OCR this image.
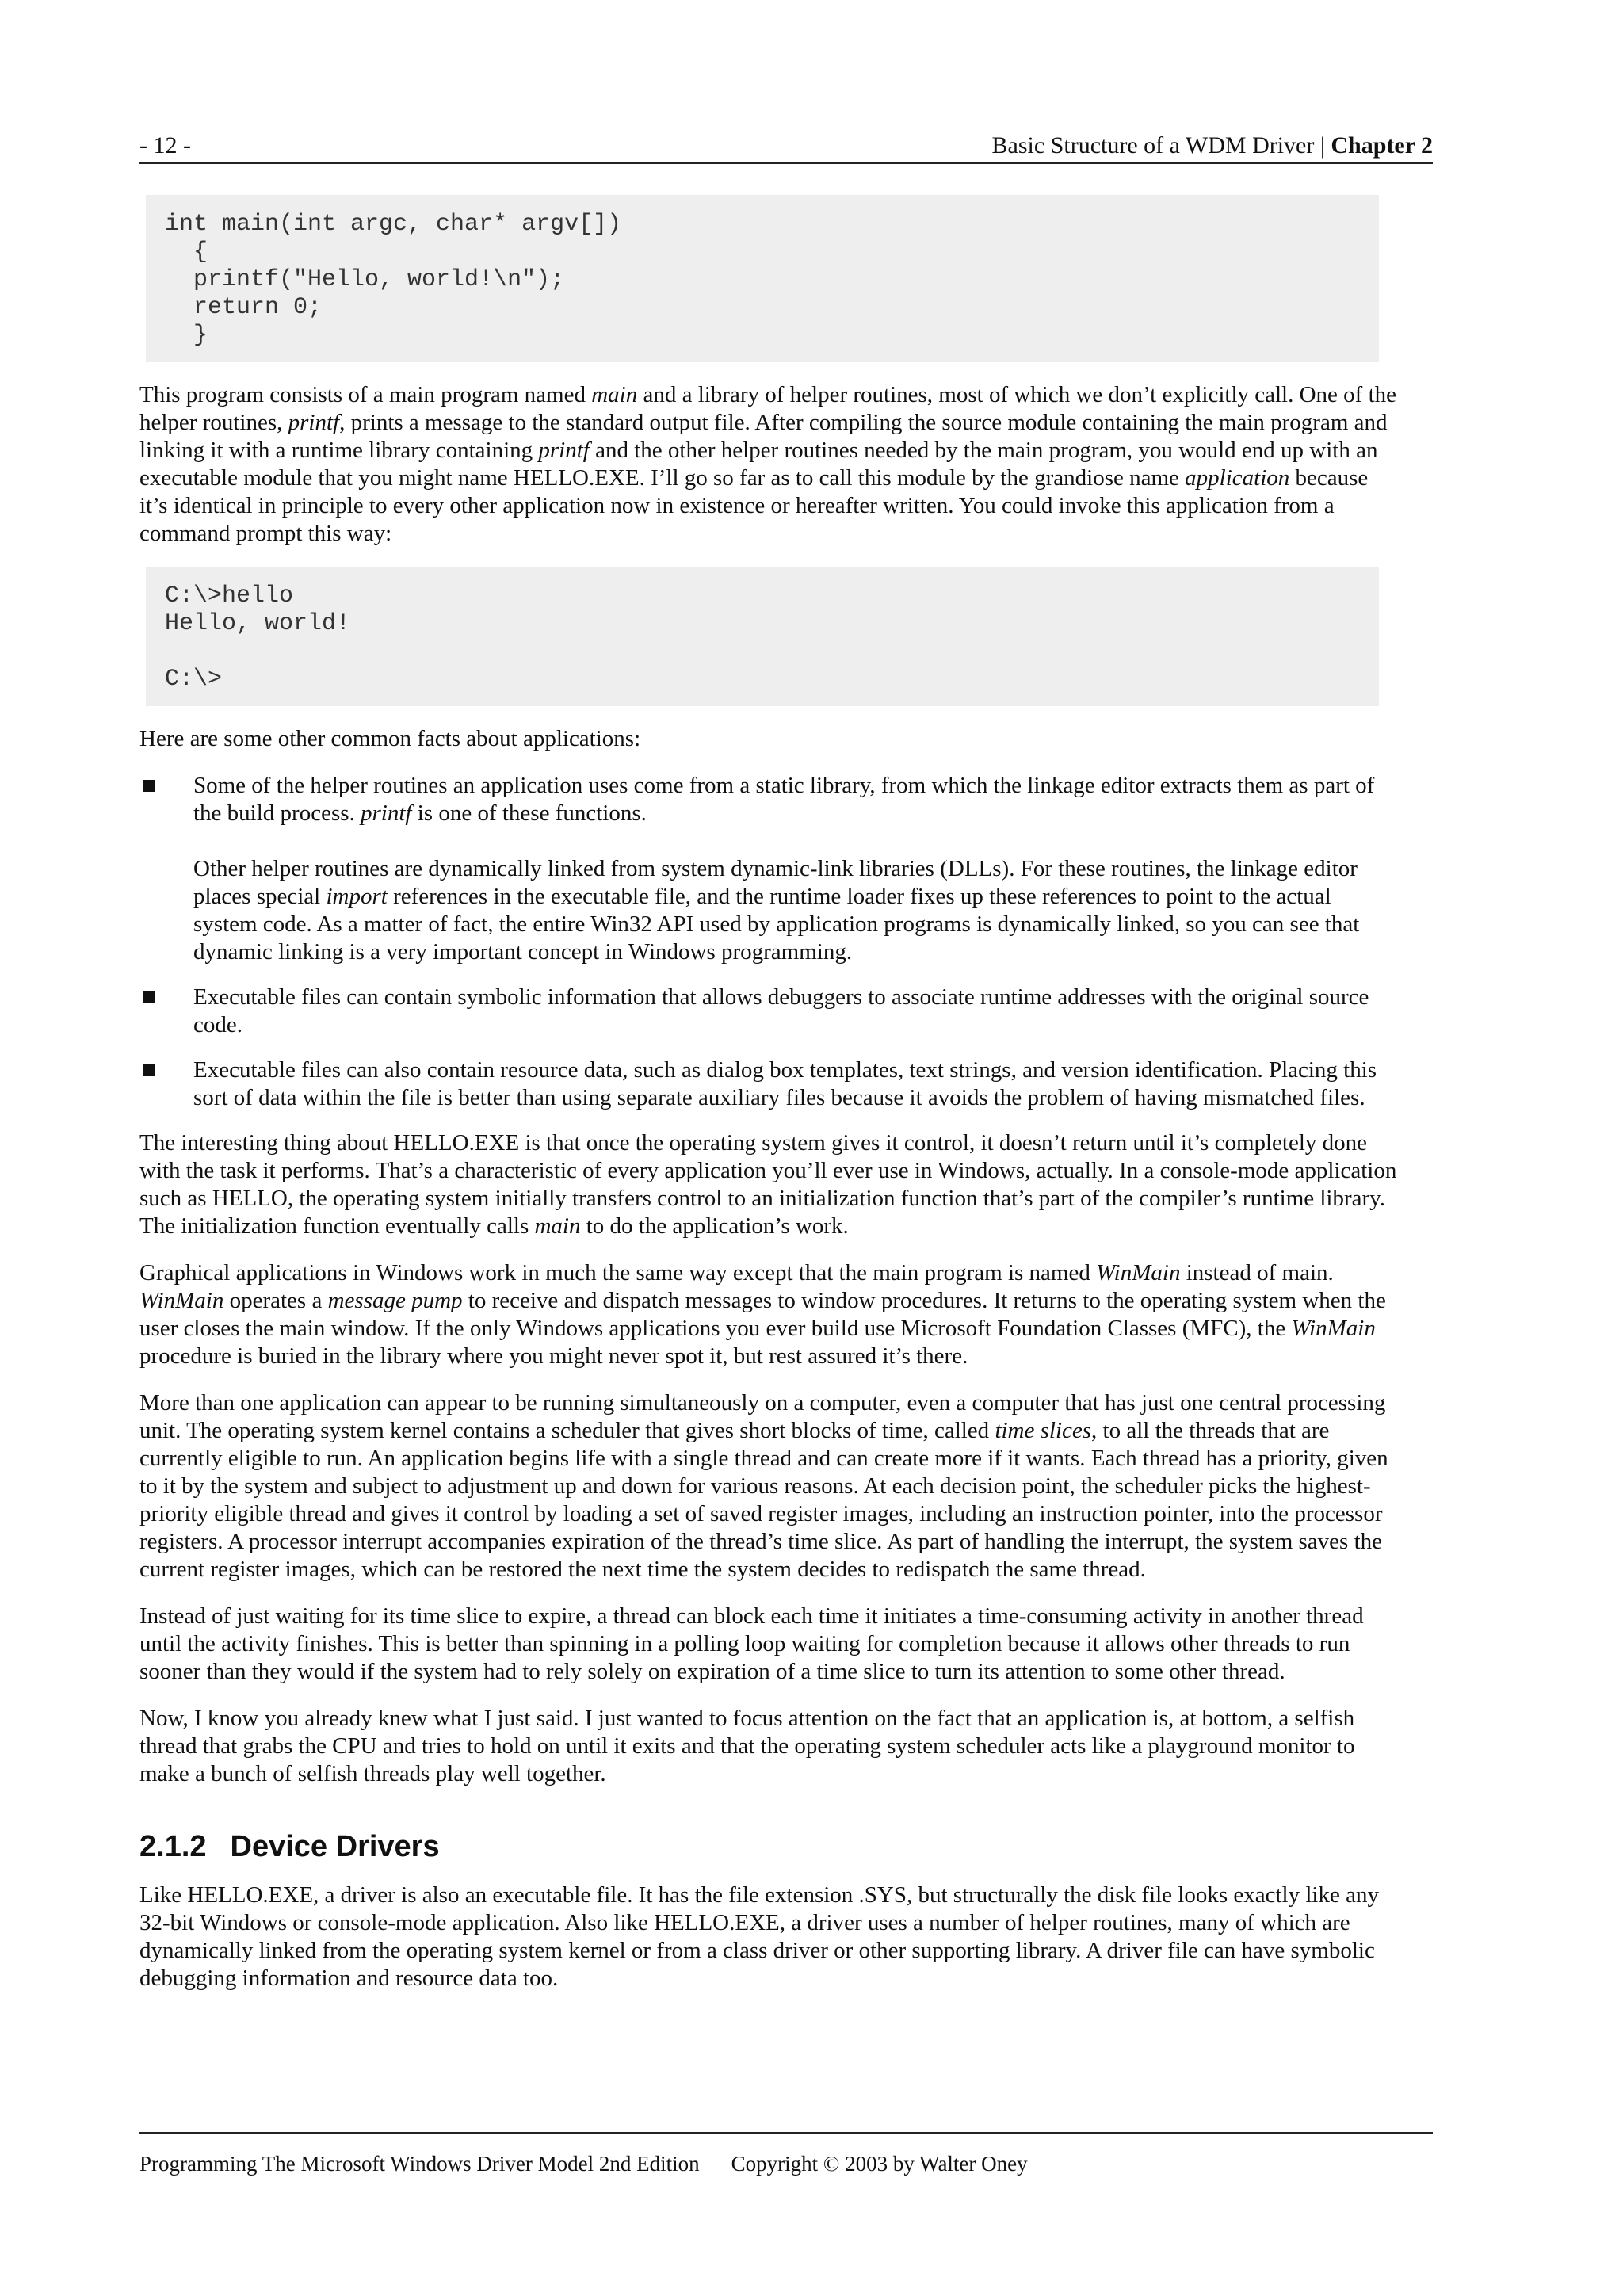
- 12 -	Basic Structure of a WDM Driver | Chapter 2
int main(int argc, char* argv[])
{
printf("Hello, world!\n");
return 0;
}

This program consists of a main program named main and a library of helper routines, most of which we don’t explicitly call. One of the helper routines, printf, prints a message to the standard output file. After compiling the source module containing the main program and linking it with a runtime library containing printf and the other helper routines needed by the main program, you would end up with an executable module that you might name HELLO.EXE. I’ll go so far as to call this module by the grandiose name application because it’s identical in principle to every other application now in existence or hereafter written. You could invoke this application from a command prompt this way:

C:\>hello
Hello, world!

C:\>

Here are some other common facts about applications:

Some of the helper routines an application uses come from a static library, from which the linkage editor extracts them as part of the build process. printf is one of these functions.
Other helper routines are dynamically linked from system dynamic-link libraries (DLLs). For these routines, the linkage editor places special import references in the executable file, and the runtime loader fixes up these references to point to the actual system code. As a matter of fact, the entire Win32 API used by application programs is dynamically linked, so you can see that dynamic linking is a very important concept in Windows programming.
Executable files can contain symbolic information that allows debuggers to associate runtime addresses with the original source code.
Executable files can also contain resource data, such as dialog box templates, text strings, and version identification. Placing this sort of data within the file is better than using separate auxiliary files because it avoids the problem of having mismatched files.

The interesting thing about HELLO.EXE is that once the operating system gives it control, it doesn’t return until it’s completely done with the task it performs. That’s a characteristic of every application you’ll ever use in Windows, actually. In a console-mode application such as HELLO, the operating system initially transfers control to an initialization function that’s part of the compiler’s runtime library. The initialization function eventually calls main to do the application’s work.

Graphical applications in Windows work in much the same way except that the main program is named WinMain instead of main. WinMain operates a message pump to receive and dispatch messages to window procedures. It returns to the operating system when the user closes the main window. If the only Windows applications you ever build use Microsoft Foundation Classes (MFC), the WinMain procedure is buried in the library where you might never spot it, but rest assured it’s there.

More than one application can appear to be running simultaneously on a computer, even a computer that has just one central processing unit. The operating system kernel contains a scheduler that gives short blocks of time, called time slices, to all the threads that are currently eligible to run. An application begins life with a single thread and can create more if it wants. Each thread has a priority, given to it by the system and subject to adjustment up and down for various reasons. At each decision point, the scheduler picks the highest-priority eligible thread and gives it control by loading a set of saved register images, including an instruction pointer, into the processor registers. A processor interrupt accompanies expiration of the thread’s time slice. As part of handling the interrupt, the system saves the current register images, which can be restored the next time the system decides to redispatch the same thread.

Instead of just waiting for its time slice to expire, a thread can block each time it initiates a time-consuming activity in another thread until the activity finishes. This is better than spinning in a polling loop waiting for completion because it allows other threads to run sooner than they would if the system had to rely solely on expiration of a time slice to turn its attention to some other thread.

Now, I know you already knew what I just said. I just wanted to focus attention on the fact that an application is, at bottom, a selfish thread that grabs the CPU and tries to hold on until it exits and that the operating system scheduler acts like a playground monitor to make a bunch of selfish threads play well together.

2.1.2 Device Drivers

Like HELLO.EXE, a driver is also an executable file. It has the file extension .SYS, but structurally the disk file looks exactly like any 32-bit Windows or console-mode application. Also like HELLO.EXE, a driver uses a number of helper routines, many of which are dynamically linked from the operating system kernel or from a class driver or other supporting library. A driver file can have symbolic debugging information and resource data too.

Programming The Microsoft Windows Driver Model 2nd Edition Copyright © 2003 by Walter Oney
